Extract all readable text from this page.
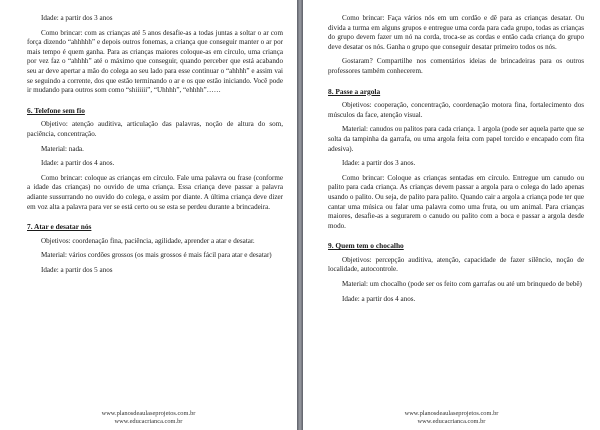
Idade: a partir dos 3 anos

Como brincar: com as crianças até 5 anos desafie-as a todas juntas a soltar o ar com força dizendo “ahhhhh” e depois outros fonemas, a criança que conseguir manter o ar por mais tempo é quem ganha. Para as crianças maiores coloque-as em círculo, uma criança por vez faz o “ahhhh” até o máximo que conseguir, quando perceber que está acabando seu ar deve apertar a mão do colega ao seu lado para esse continuar o “ahhhh” e assim vai se seguindo a corrente, dos que estão terminando o ar e os que estão iniciando. Você pode ir mudando para outros som como “shiiiiii”, “Uhhhh”, “ehhhh”……

6. Telefone sem fio

Objetivo: atenção auditiva, articulação das palavras, noção de altura do som, paciência, concentração.

Material: nada.

Idade: a partir dos 4 anos.

Como brincar: coloque as crianças em círculo. Fale uma palavra ou frase (conforme a idade das crianças) no ouvido de uma criança. Essa criança deve passar a palavra adiante sussurrando no ouvido do colega, e assim por diante. A última criança deve dizer em voz alta a palavra para ver se está certo ou se esta se perdeu durante a brincadeira.

7. Atar e desatar nós

Objetivos: coordenação fina, paciência, agilidade, aprender a atar e desatar.

Material: vários cordões grossos (os mais grossos é mais fácil para atar e desatar)

Idade: a partir dos 5 anos

www.planosdeaulaseprojetos.com.br
www.educacrianca.com.br

Como brincar: Faça vários nós em um cordão e dê para as crianças desatar. Ou divida a turma em alguns grupos e entregue uma corda para cada grupo, todas as crianças do grupo devem fazer um nó na corda, troca-se as cordas e então cada criança do grupo deve desatar os nós. Ganha o grupo que conseguir desatar primeiro todos os nós.

Gostaram? Compartilhe nos comentários ideias de brincadeiras para os outros professores também conhecerem.

8. Passe a argola

Objetivos: cooperação, concentração, coordenação motora fina, fortalecimento dos músculos da face, atenção visual.

Material: canudos ou palitos para cada criança. 1 argola (pode ser aquela parte que se solta da tampinha da garrafa, ou uma argola feita com papel torcido e encapado com fita adesiva).

Idade: a partir dos 3 anos.

Como brincar: Coloque as crianças sentadas em círculo. Entregue um canudo ou palito para cada criança. As crianças devem passar a argola para o colega do lado apenas usando o palito. Ou seja, de palito para palito. Quando cair a argola a criança pode ter que cantar uma música ou falar uma palavra como uma fruta, ou um animal. Para crianças maiores, desafie-as a segurarem o canudo ou palito com a boca e passar a argola desde modo.

9. Quem tem o chocalho

Objetivos: percepção auditiva, atenção, capacidade de fazer silêncio, noção de localidade, autocontrole.

Material: um chocalho (pode ser os feito com garrafas ou até um brinquedo de bebê)

Idade: a partir dos 4 anos.

www.planosdeaulaseprojetos.com.br
www.educacrianca.com.br
